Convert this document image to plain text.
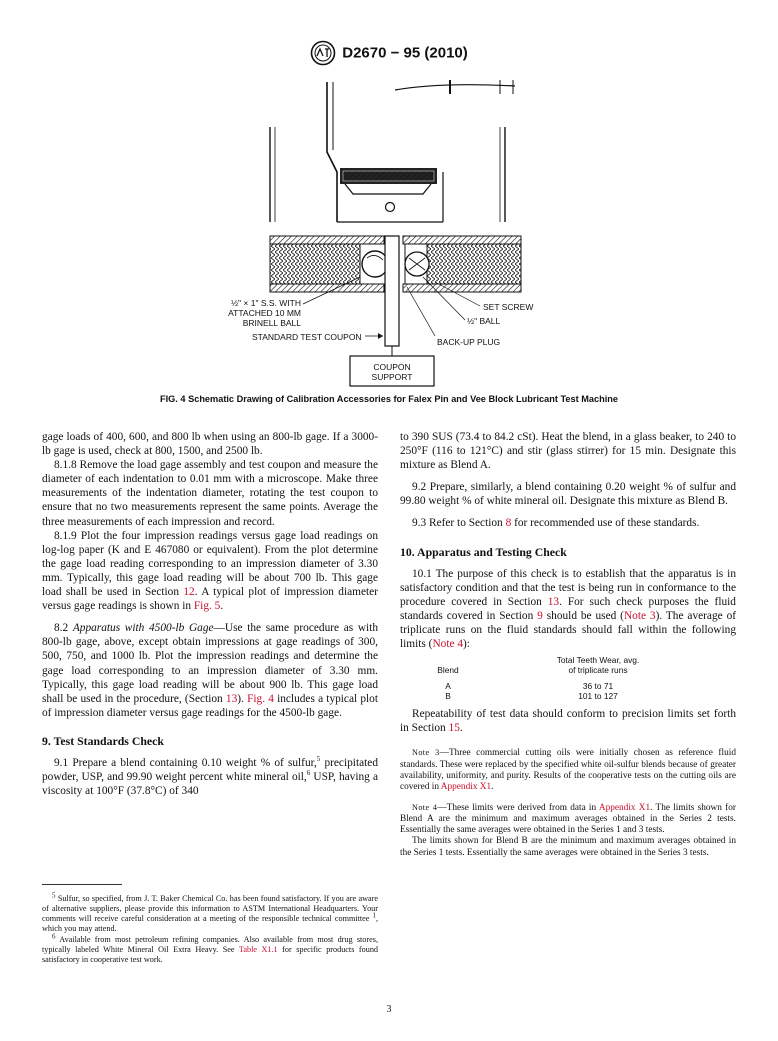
D2670 − 95 (2010)
½" × 1" S.S. WITH
ATTACHED 10 MM
BRINELL BALL
STANDARD TEST COUPON
SET SCREW
½" BALL
BACK-UP PLUG
COUPON
SUPPORT
FIG. 4 Schematic Drawing of Calibration Accessories for Falex Pin and Vee Block Lubricant Test Machine

gage loads of 400, 600, and 800 lb when using an 800-lb gage. If a 3000-lb gage is used, check at 800, 1500, and 2500 lb.

8.1.8 Remove the load gage assembly and test coupon and measure the diameter of each indentation to 0.01 mm with a microscope. Make three measurements of the indentation diameter, rotating the test coupon to ensure that no two measurements represent the same points. Average the three measurements of each impression and record.

8.1.9 Plot the four impression readings versus gage load readings on log-log paper (K and E 467080 or equivalent). From the plot determine the gage load reading corresponding to an impression diameter of 3.30 mm. Typically, this gage load reading will be about 700 lb. This gage load shall be used in Section 12. A typical plot of impression diameter versus gage readings is shown in Fig. 5.

8.2 Apparatus with 4500-lb Gage—Use the same procedure as with 800-lb gage, above, except obtain impressions at gage readings of 300, 500, 750, and 1000 lb. Plot the impression readings and determine the gage load corresponding to an impression diameter of 3.30 mm. Typically, this gage load reading will be about 900 lb. This gage load shall be used in the procedure, (Section 13). Fig. 4 includes a typical plot of impression diameter versus gage readings for the 4500-lb gage.

9. Test Standards Check

9.1 Prepare a blend containing 0.10 weight % of sulfur,$^5$ precipitated powder, USP, and 99.90 weight percent white mineral oil,$^6$ USP, having a viscosity at 100°F (37.8°C) of 340

$^5$ Sulfur, so specified, from J. T. Baker Chemical Co. has been found satisfactory. If you are aware of alternative suppliers, please provide this information to ASTM International Headquarters. Your comments will receive careful consideration at a meeting of the responsible technical committee $^1$, which you may attend.
$^6$ Available from most petroleum refining companies. Also available from most drug stores, typically labeled White Mineral Oil Extra Heavy. See Table X1.1 for specific products found satisfactory in cooperative test work.

to 390 SUS (73.4 to 84.2 cSt). Heat the blend, in a glass beaker, to 240 to 250°F (116 to 121°C) and stir (glass stirrer) for 15 min. Designate this mixture as Blend A.

9.2 Prepare, similarly, a blend containing 0.20 weight % of sulfur and 99.80 weight % of white mineral oil. Designate this mixture as Blend B.

9.3 Refer to Section 8 for recommended use of these standards.

10. Apparatus and Testing Check

10.1 The purpose of this check is to establish that the apparatus is in satisfactory condition and that the test is being run in conformance to the procedure covered in Section 13. For such check purposes the fluid standards covered in Section 9 should be used (Note 3). The average of triplicate runs on the fluid standards should fall within the following limits (Note 4):

Blend	Total Teeth Wear, avg.
of triplicate runs

A	36 to 71
B	101 to 127

Repeatability of test data should conform to precision limits set forth in Section 15.

Note 3—Three commercial cutting oils were initially chosen as reference fluid standards. These were replaced by the specified white oil-sulfur blends because of greater availability, uniformity, and purity. Results of the cooperative tests on the cutting oils are covered in Appendix X1.

Note 4—These limits were derived from data in Appendix X1. The limits shown for Blend A are the minimum and maximum averages obtained in the Series 2 tests. Essentially the same averages were obtained in the Series 1 and 3 tests.

The limits shown for Blend B are the minimum and maximum averages obtained in the Series 1 tests. Essentially the same averages were obtained in the Series 3 tests.

3
